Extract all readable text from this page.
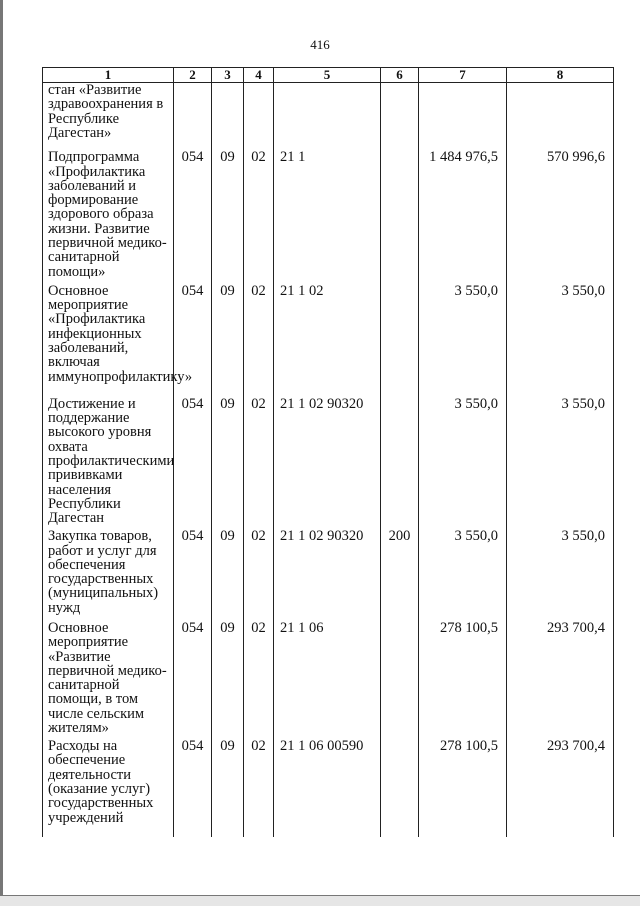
416
1	2	3	4	5	6	7	8
стан «Развитие здравоохранения в Республике Дагестан»							
Подпрограмма «Профилактика заболеваний и формирование здорового образа жизни. Развитие первичной медико-санитарной помощи»	054	09	02	21 1		1 484 976,5	570 996,6
Основное мероприятие «Профилактика инфекционных заболеваний, включая иммунопрофилактику»	054	09	02	21 1 02		3 550,0	3 550,0
Достижение и поддержание высокого уровня охвата профилактическими прививками населения Республики Дагестан	054	09	02	21 1 02 90320		3 550,0	3 550,0
Закупка товаров, работ и услуг для обеспечения государственных (муниципальных) нужд	054	09	02	21 1 02 90320	200	3 550,0	3 550,0
Основное мероприятие «Развитие первичной медико-санитарной помощи, в том числе сельским жителям»	054	09	02	21 1 06		278 100,5	293 700,4
Расходы на обеспечение деятельности (оказание услуг) государственных учреждений	054	09	02	21 1 06 00590		278 100,5	293 700,4
